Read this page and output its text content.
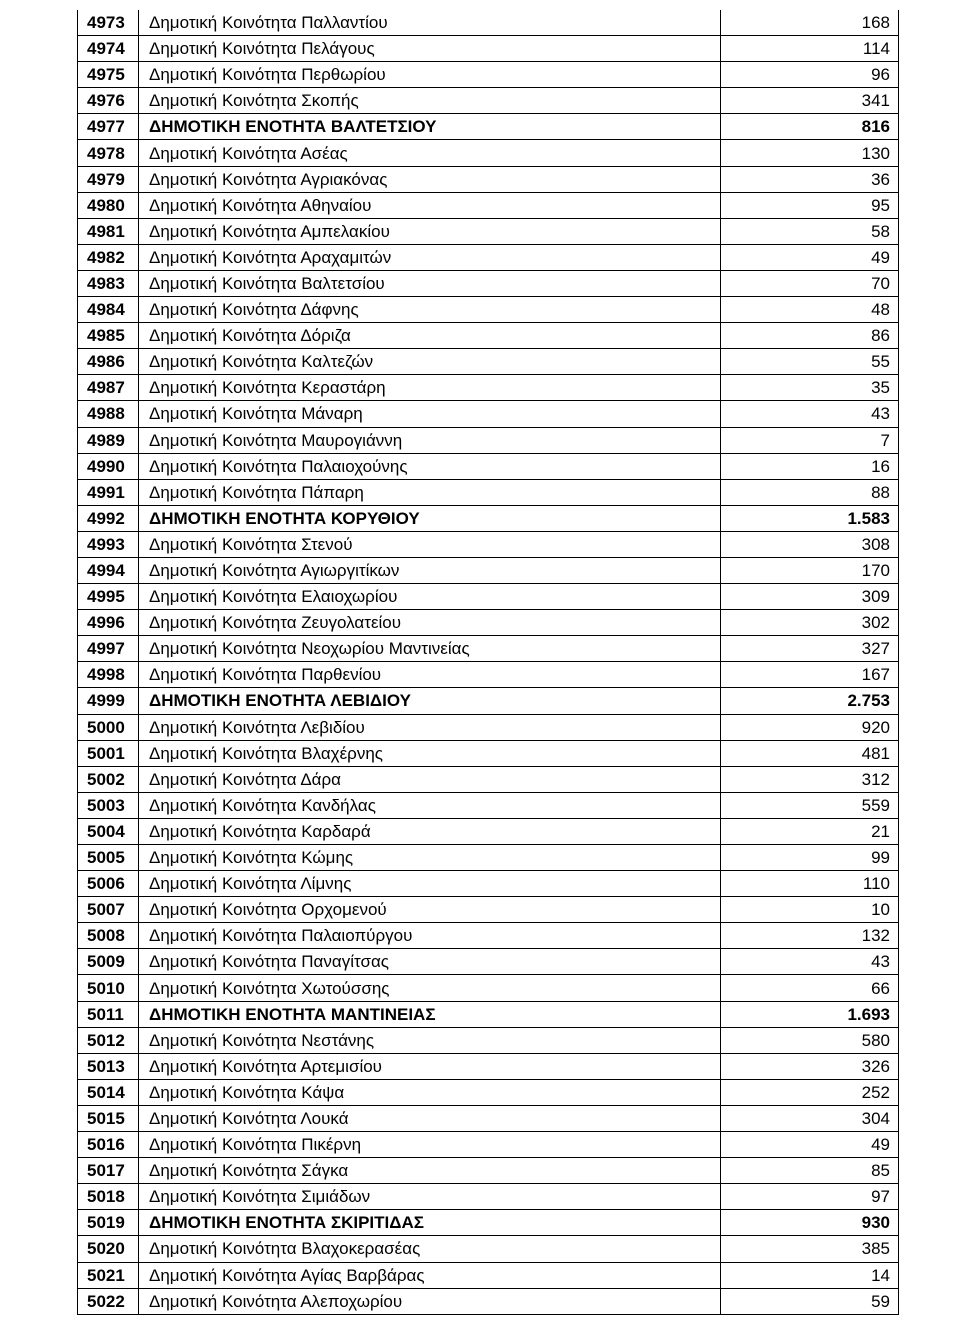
4973	Δημοτική Κοινότητα Παλλαντίου	168
4974	Δημοτική Κοινότητα Πελάγους	114
4975	Δημοτική Κοινότητα Περθωρίου	96
4976	Δημοτική Κοινότητα Σκοπής	341
4977	ΔΗΜΟΤΙΚΗ ΕΝΟΤΗΤΑ ΒΑΛΤΕΤΣΙΟΥ	816
4978	Δημοτική Κοινότητα Ασέας	130
4979	Δημοτική Κοινότητα Αγριακόνας	36
4980	Δημοτική Κοινότητα Αθηναίου	95
4981	Δημοτική Κοινότητα Αμπελακίου	58
4982	Δημοτική Κοινότητα Αραχαμιτών	49
4983	Δημοτική Κοινότητα Βαλτετσίου	70
4984	Δημοτική Κοινότητα Δάφνης	48
4985	Δημοτική Κοινότητα Δόριζα	86
4986	Δημοτική Κοινότητα Καλτεζών	55
4987	Δημοτική Κοινότητα Κεραστάρη	35
4988	Δημοτική Κοινότητα Μάναρη	43
4989	Δημοτική Κοινότητα Μαυρογιάννη	7
4990	Δημοτική Κοινότητα Παλαιοχούνης	16
4991	Δημοτική Κοινότητα Πάπαρη	88
4992	ΔΗΜΟΤΙΚΗ ΕΝΟΤΗΤΑ ΚΟΡΥΘΙΟΥ	1.583
4993	Δημοτική Κοινότητα Στενού	308
4994	Δημοτική Κοινότητα Αγιωργιτίκων	170
4995	Δημοτική Κοινότητα Ελαιοχωρίου	309
4996	Δημοτική Κοινότητα Ζευγολατείου	302
4997	Δημοτική Κοινότητα Νεοχωρίου Μαντινείας	327
4998	Δημοτική Κοινότητα Παρθενίου	167
4999	ΔΗΜΟΤΙΚΗ ΕΝΟΤΗΤΑ ΛΕΒΙΔΙΟΥ	2.753
5000	Δημοτική Κοινότητα Λεβιδίου	920
5001	Δημοτική Κοινότητα Βλαχέρνης	481
5002	Δημοτική Κοινότητα Δάρα	312
5003	Δημοτική Κοινότητα Κανδήλας	559
5004	Δημοτική Κοινότητα Καρδαρά	21
5005	Δημοτική Κοινότητα Κώμης	99
5006	Δημοτική Κοινότητα Λίμνης	110
5007	Δημοτική Κοινότητα Ορχομενού	10
5008	Δημοτική Κοινότητα Παλαιοπύργου	132
5009	Δημοτική Κοινότητα Παναγίτσας	43
5010	Δημοτική Κοινότητα Χωτούσσης	66
5011	ΔΗΜΟΤΙΚΗ ΕΝΟΤΗΤΑ ΜΑΝΤΙΝΕΙΑΣ	1.693
5012	Δημοτική Κοινότητα Νεστάνης	580
5013	Δημοτική Κοινότητα Αρτεμισίου	326
5014	Δημοτική Κοινότητα Κάψα	252
5015	Δημοτική Κοινότητα Λουκά	304
5016	Δημοτική Κοινότητα Πικέρνη	49
5017	Δημοτική Κοινότητα Σάγκα	85
5018	Δημοτική Κοινότητα Σιμιάδων	97
5019	ΔΗΜΟΤΙΚΗ ΕΝΟΤΗΤΑ ΣΚΙΡΙΤΙΔΑΣ	930
5020	Δημοτική Κοινότητα Βλαχοκερασέας	385
5021	Δημοτική Κοινότητα Αγίας Βαρβάρας	14
5022	Δημοτική Κοινότητα Αλεποχωρίου	59
